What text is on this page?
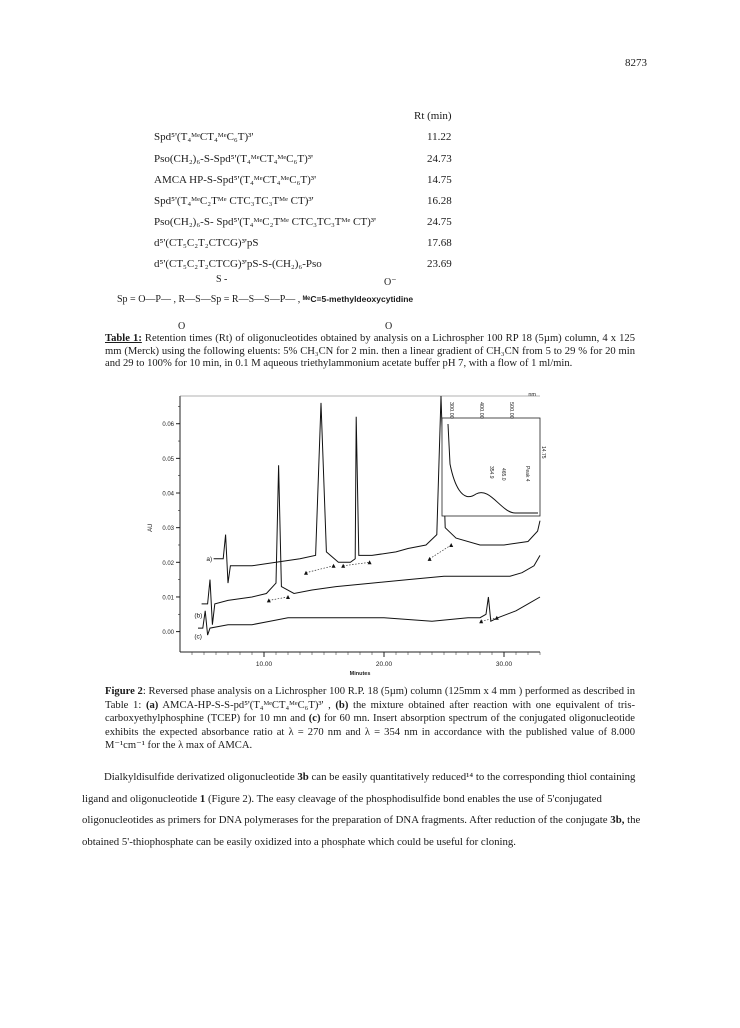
8273
Rt (min)
Spd⁵'(T₄ᴹᵉCT₄ᴹᵉC₆T)³'	11.22
Pso(CH₂)₆-S-Spd⁵'(T₄ᴹᵉCT₄ᴹᵉC₆T)³'	24.73
AMCA HP-S-Spd⁵'(T₄ᴹᵉCT₄ᴹᵉC₆T)³'	14.75
Spd⁵'(T₄ᴹᵉC₂Tᴹᵉ CTC₃TC₃Tᴹᵉ CT)³'	16.28
Pso(CH₂)₆-S- Spd⁵'(T₄ᴹᵉC₂Tᴹᵉ CTC₃TC₃Tᴹᵉ CT)³'	24.75
d⁵'(CT₅C₂T₂CTCG)³'pS	17.68
d⁵'(CT₅C₂T₂CTCG)³'pS-S-(CH₂)₆-Pso	23.69
S -	O⁻
Sp = O—P— , R—S—Sp = R—S—S—P— , ᴹᵉC=5-methyldeoxycytidine
O	O
Table 1: Retention times (Rt) of oligonucleotides obtained by analysis on a Lichrospher 100 RP 18 (5µm) column, 4 x 125 mm (Merck) using the following eluents: 5% CH₃CN for 2 min. then a linear gradient of CH₃CN from 5 to 29 % for 20 min and 29 to 100% for 10 min, in 0.1 M aqueous triethylammonium acetate buffer pH 7, with a flow of 1 ml/min.
0.00
0.01
0.02
0.03
0.04
0.05
0.06
10.00	20.00	30.00
Minutes
AU
a)
(b)
(c)
nm
300.00	400.00	500.00
14.75
354.9 465.0	Peak 4
Figure 2: Reversed phase analysis on a Lichrospher 100 R.P. 18 (5µm) column (125mm x 4 mm ) performed as described in Table 1: (a) AMCA-HP-S-S-pd⁵'(T₄ᴹᵉCT₄ᴹᵉC₆T)³' , (b) the mixture obtained after reaction with one equivalent of tris-carboxyethylphosphine (TCEP) for 10 mn and (c) for 60 mn. Insert absorption spectrum of the conjugated oligonucleotide exhibits the expected absorbance ratio at λ = 270 nm and λ = 354 nm in accordance with the published value of 8.000 M⁻¹cm⁻¹ for the λ max of AMCA.

Dialkyldisulfide derivatized oligonucleotide 3b can be easily quantitatively reduced¹⁴ to the corresponding thiol containing ligand and oligonucleotide 1 (Figure 2). The easy cleavage of the phosphodisulfide bond enables the use of 5'conjugated oligonucleotides as primers for DNA polymerases for the preparation of DNA fragments. After reduction of the conjugate 3b, the obtained 5'-thiophosphate can be easily oxidized into a phosphate which could be useful for cloning.
